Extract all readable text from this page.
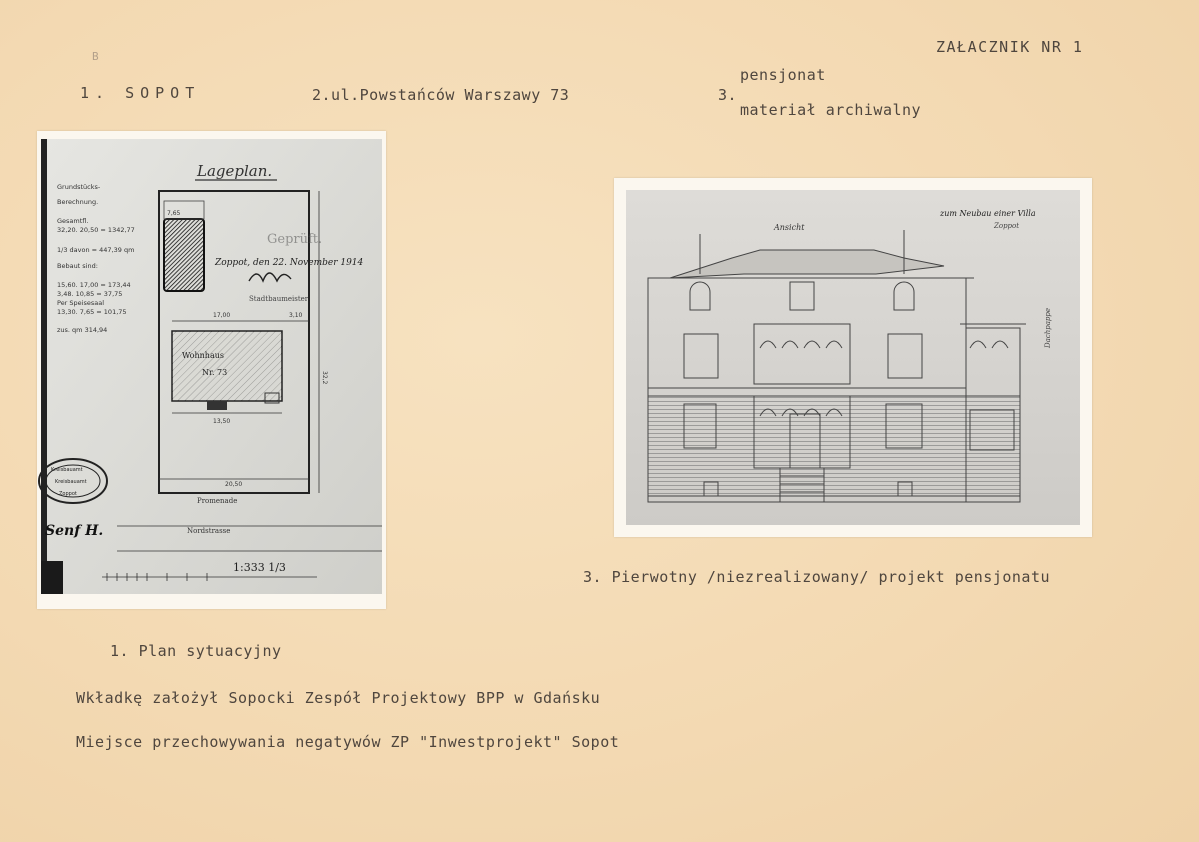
ZAŁACZNIK NR 1
B
1. SOPOT	2.ul.Powstańców Warszawy 73	3.
pensjonat
materiał archiwalny
Lageplan.
Grundstücks-
Berechnung.
Gesamtfl.
32,20. 20,50 = 1342,77
1/3 davon = 447,39 qm
Bebaut sind:
15,60. 17,00 = 173,44
3,48. 10,85 = 37,75
Per Speisesaal
13,30. 7,65 = 101,75
zus. qm 314,94
7,65
Wohnhaus
Nr. 73
17,00	3,10
13,50
20,50
32,2
Geprüft.
Zoppot, den 22. November 1914
Stadtbaumeister
Promenade
Nordstrasse
1:333 1/3
Kreisbauamt
Kreisbauamt
Zoppot
Senf H.
Ansicht
zum Neubau einer Villa
Zoppot
Dachpappe
3. Pierwotny /niezrealizowany/ projekt pensjonatu
1. Plan sytuacyjny
Wkładkę założył Sopocki Zespół Projektowy BPP w Gdańsku
Miejsce przechowywania negatywów ZP "Inwestprojekt" Sopot
